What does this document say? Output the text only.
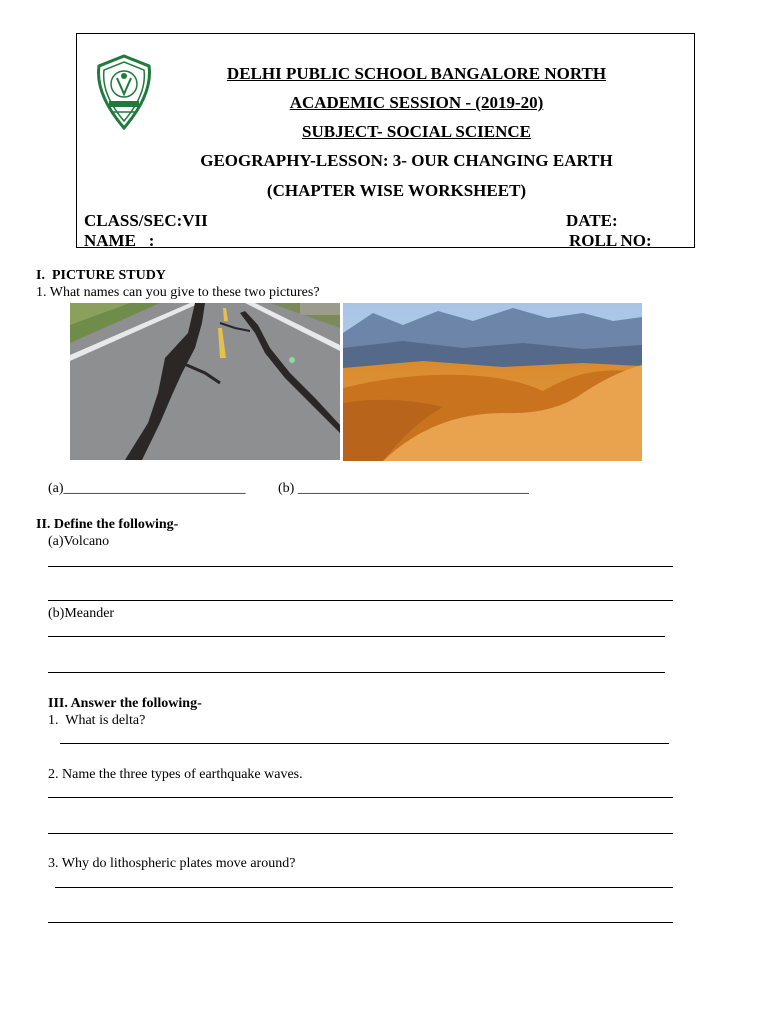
DELHI PUBLIC SCHOOL BANGALORE NORTH
ACADEMIC SESSION - (2019-20)
SUBJECT- SOCIAL SCIENCE
GEOGRAPHY-LESSON: 3- OUR CHANGING EARTH
(CHAPTER WISE WORKSHEET)
CLASS/SEC:VII	DATE:
NAME   :	ROLL NO:
I.  PICTURE STUDY
1. What names can you give to these two pictures?
(a)__________________________ (b) _________________________________
II. Define the following-
(a)Volcano
(b)Meander
III. Answer the following-
1.  What is delta?
2. Name the three types of earthquake waves.
3. Why do lithospheric plates move around?
